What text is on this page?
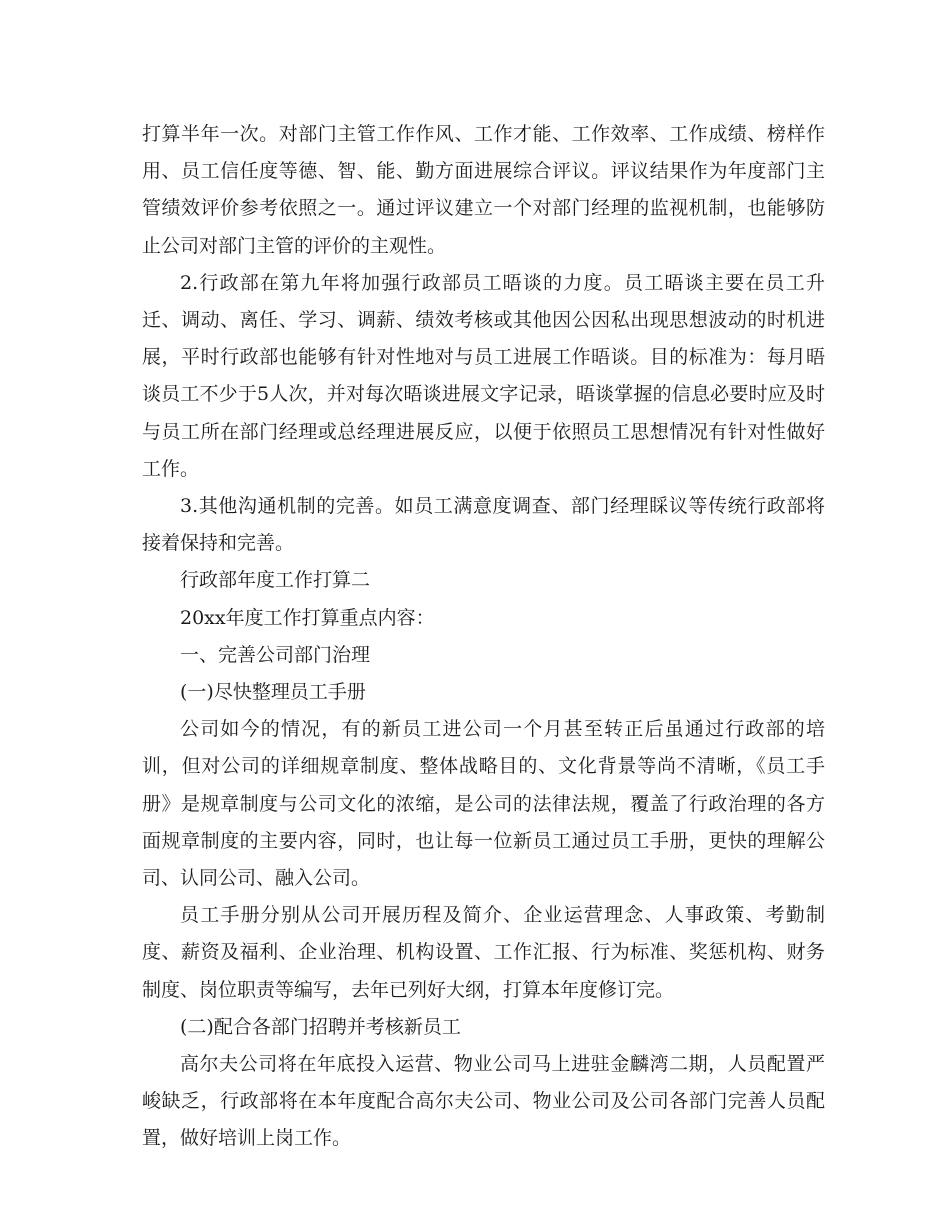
打算半年一次。对部门主管工作作风、工作才能、工作效率、工作成绩、榜样作用、员工信任度等德、智、能、勤方面进展综合评议。评议结果作为年度部门主管绩效评价参考依照之一。通过评议建立一个对部门经理的监视机制，也能够防止公司对部门主管的评价的主观性。

2.行政部在第九年将加强行政部员工晤谈的力度。员工晤谈主要在员工升迁、调动、离任、学习、调薪、绩效考核或其他因公因私出现思想波动的时机进展，平时行政部也能够有针对性地对与员工进展工作晤谈。目的标准为：每月晤谈员工不少于5人次，并对每次晤谈进展文字记录，晤谈掌握的信息必要时应及时与员工所在部门经理或总经理进展反应，以便于依照员工思想情况有针对性做好工作。

3.其他沟通机制的完善。如员工满意度调查、部门经理睬议等传统行政部将接着保持和完善。

行政部年度工作打算二

20xx年度工作打算重点内容：

一、完善公司部门治理

(一)尽快整理员工手册

公司如今的情况，有的新员工进公司一个月甚至转正后虽通过行政部的培训，但对公司的详细规章制度、整体战略目的、文化背景等尚不清晰，《员工手册》是规章制度与公司文化的浓缩，是公司的法律法规，覆盖了行政治理的各方面规章制度的主要内容，同时，也让每一位新员工通过员工手册，更快的理解公司、认同公司、融入公司。

员工手册分别从公司开展历程及简介、企业运营理念、人事政策、考勤制度、薪资及福利、企业治理、机构设置、工作汇报、行为标准、奖惩机构、财务制度、岗位职责等编写，去年已列好大纲，打算本年度修订完。

(二)配合各部门招聘并考核新员工

高尔夫公司将在年底投入运营、物业公司马上进驻金麟湾二期，人员配置严峻缺乏，行政部将在本年度配合高尔夫公司、物业公司及公司各部门完善人员配置，做好培训上岗工作。
